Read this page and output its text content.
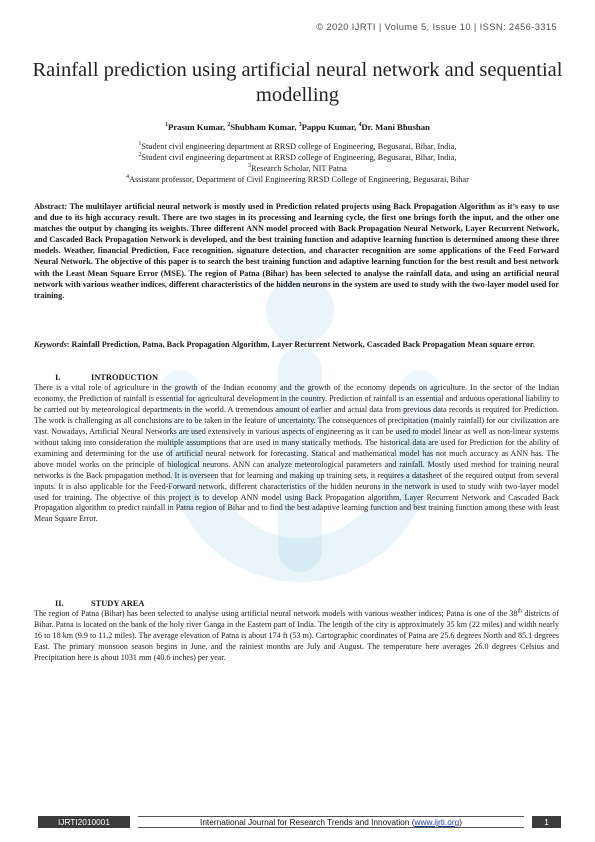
© 2020 IJRTI | Volume 5, Issue 10 | ISSN: 2456-3315
Rainfall prediction using artificial neural network and sequential modelling
$^1$Prasun Kumar, $^2$Shubham Kumar, $^3$Pappu Kumar, $^4$Dr. Mani Bhushan
$^1$Student civil engineering department at RRSD college of Engineering, Begusarai, Bihar, India,
$^2$Student civil engineering department at RRSD college of Engineering, Begusarai, Bihar, India,
$^3$Research Scholar, NIT Patna
$^4$Assistant professor, Department of Civil Engineering RRSD College of Engineering, Begusarai, Bihar

Abstract: The multilayer artificial neural network is mostly used in Prediction related projects using Back Propagation Algorithm as it’s easy to use and due to its high accuracy result. There are two stages in its processing and learning cycle, the first one brings forth the input, and the other one matches the output by changing its weights. Three different ANN model proceed with Back Propagation Neural Network, Layer Recurrent Network, and Cascaded Back Propagation Network is developed, and the best training function and adaptive learning function is determined among these three models. Weather, financial Prediction, Face recognition, signature detection, and character recognition are some applications of the Feed Forward Neural Network. The objective of this paper is to search the best training function and adaptive learning function for the best result and best network with the Least Mean Square Error (MSE). The region of Patna (Bihar) has been selected to analyse the rainfall data, and using an artificial neural network with various weather indices, different characteristics of the hidden neurons in the system are used to study with the two-layer model used for training.

Keywords: Rainfall Prediction, Patna, Back Propagation Algorithm, Layer Recurrent Network, Cascaded Back Propagation Mean square error.

I.	INTRODUCTION

There is a vital role of agriculture in the growth of the Indian economy and the growth of the economy depends on agriculture. In the sector of the Indian economy, the Prediction of rainfall is essential for agricultural development in the country. Prediction of rainfall is an essential and arduous operational liability to be carried out by meteorological departments in the world. A tremendous amount of earlier and actual data from previous data records is required for Prediction. The work is challenging as all conclusions are to be taken in the feature of uncertainty. The consequences of precipitation (mainly rainfall) for our civilization are vast. Nowadays, Artificial Neural Networks are used extensively in various aspects of engineering as it can be used to model linear as well as non-linear systems without taking into consideration the multiple assumptions that are used in many statically methods. The historical data are used for Prediction for the ability of examining and determining for the use of artificial neural network for forecasting. Statical and mathematical model has not much accuracy as ANN has. The above model works on the principle of biological neurons. ANN can analyze meteorological parameters and rainfall. Mostly used method for training neural networks is the Back propagation method. It is overseen that for learning and making up training sets, it requires a datasheet of the required output from several inputs. It is also applicable for the Feed-Forward network, different characteristics of the hidden neurons in the network is used to study with two-layer model used for training. The objective of this project is to develop ANN model using Back Propagation algorithm, Layer Recurrent Network and Cascaded Back Propagation algorithm to predict rainfall in Patna region of Bihar and to find the best adaptive learning function and best training function among these with least Mean Square Error.

II.	STUDY AREA

The region of Patna (Bihar) has been selected to analyse using artificial neural network models with various weather indices; Patna is one of the 38th districts of Bihar. Patna is located on the bank of the holy river Ganga in the Eastern part of India. The length of the city is approximately 35 km (22 miles) and width nearly 16 to 18 km (9.9 to 11.2 miles). The average elevation of Patna is about 174 ft (53 m). Cartographic coordinates of Patna are 25.6 degrees North and 85.1 degrees East. The primary monsoon season begins in June, and the rainiest months are July and August. The temperature here averages 26.0 degrees Celsius and Precipitation here is about 1031 mm (40.6 inches) per year.

IJRTI2010001	International Journal for Research Trends and Innovation (www.ijrti.org)	1
